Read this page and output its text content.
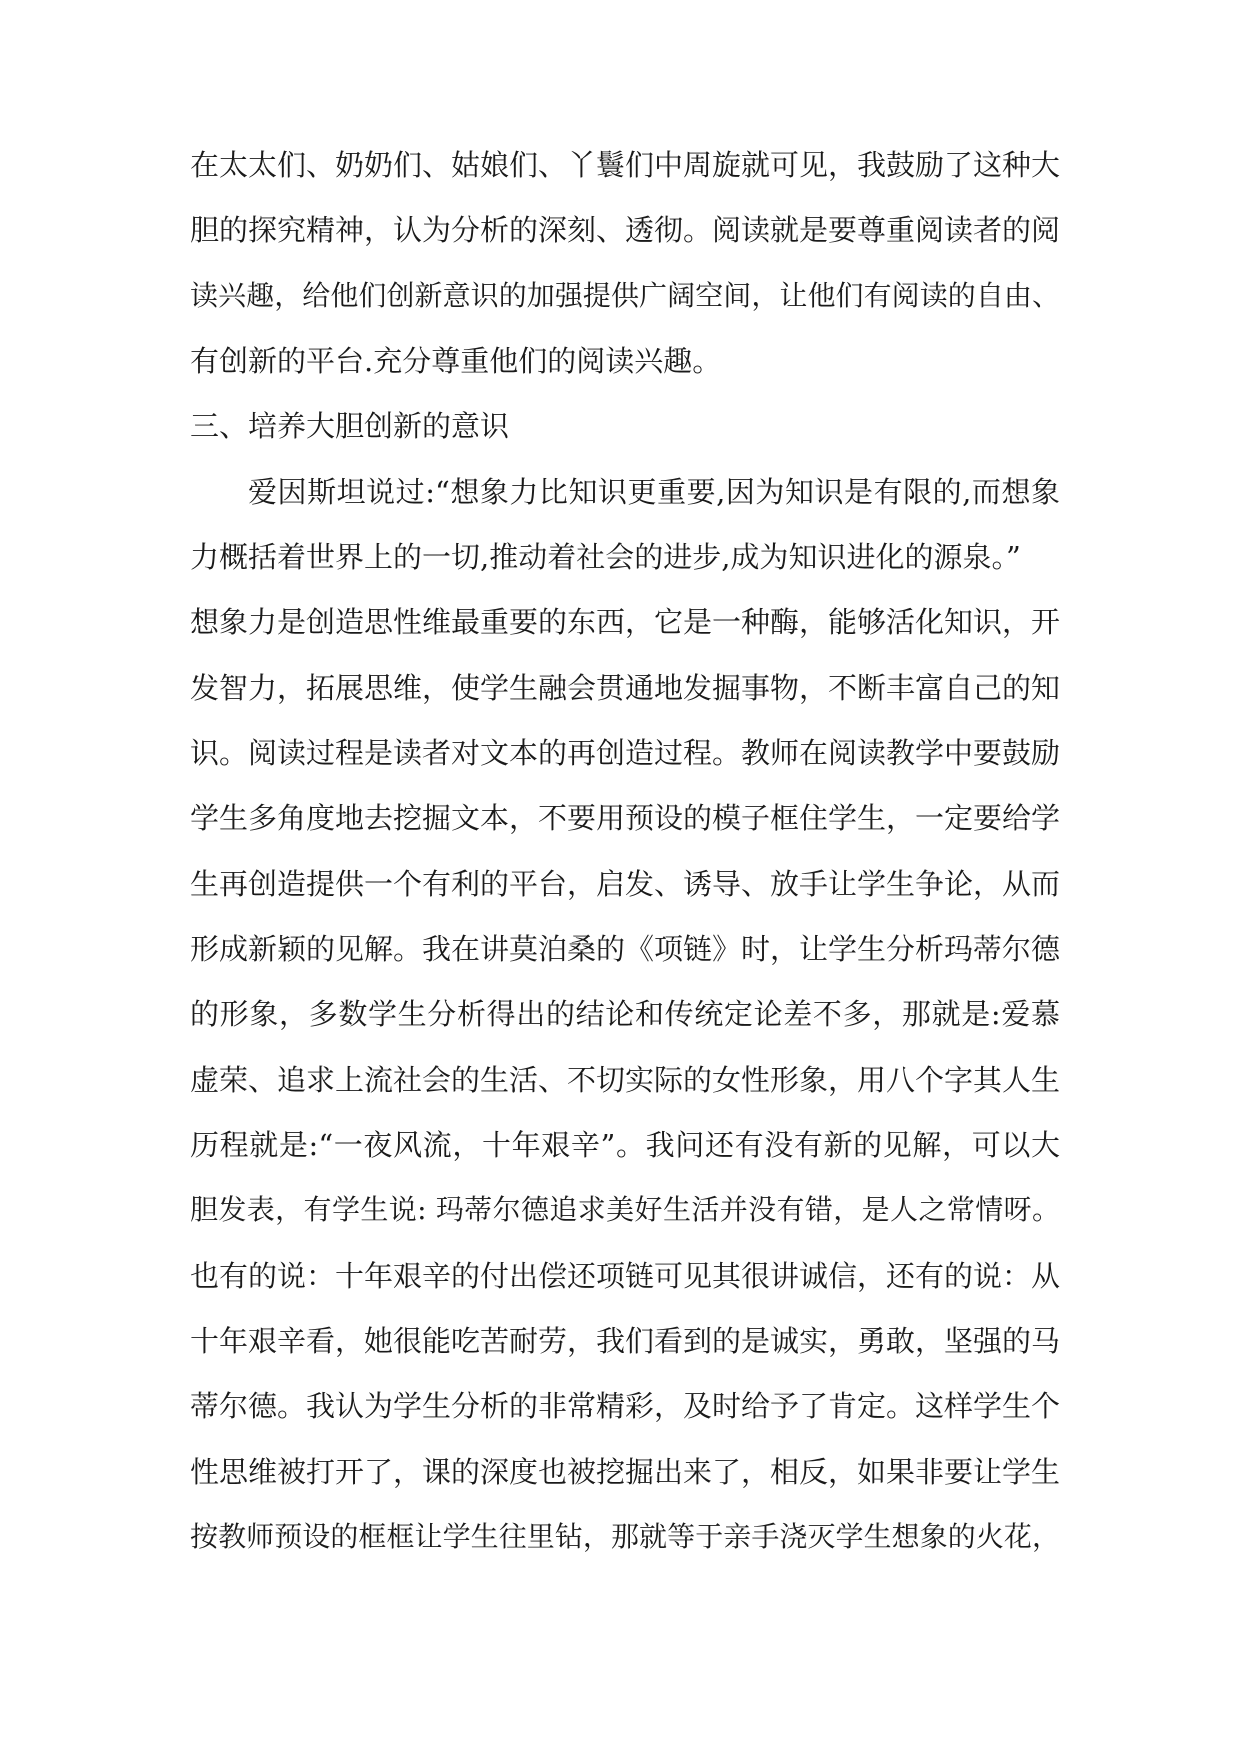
在太太们、奶奶们、姑娘们、丫鬟们中周旋就可见，我鼓励了这种大
胆的探究精神，认为分析的深刻、透彻。阅读就是要尊重阅读者的阅
读兴趣，给他们创新意识的加强提供广阔空间，让他们有阅读的自由、
有创新的平台.充分尊重他们的阅读兴趣。
三、培养大胆创新的意识
爱因斯坦说过:“想象力比知识更重要,因为知识是有限的,而想象
力概括着世界上的一切,推动着社会的进步,成为知识进化的源泉。”
想象力是创造思性维最重要的东西，它是一种酶，能够活化知识，开
发智力，拓展思维，使学生融会贯通地发掘事物，不断丰富自己的知
识。阅读过程是读者对文本的再创造过程。教师在阅读教学中要鼓励
学生多角度地去挖掘文本，不要用预设的模子框住学生，一定要给学
生再创造提供一个有利的平台，启发、诱导、放手让学生争论，从而
形成新颖的见解。我在讲莫泊桑的《项链》时，让学生分析玛蒂尔德
的形象，多数学生分析得出的结论和传统定论差不多，那就是:爱慕
虚荣、追求上流社会的生活、不切实际的女性形象，用八个字其人生
历程就是:“一夜风流，十年艰辛”。我问还有没有新的见解，可以大
胆发表，有学生说: 玛蒂尔德追求美好生活并没有错，是人之常情呀。
也有的说：十年艰辛的付出偿还项链可见其很讲诚信，还有的说：从
十年艰辛看，她很能吃苦耐劳，我们看到的是诚实，勇敢，坚强的马
蒂尔德。我认为学生分析的非常精彩，及时给予了肯定。这样学生个
性思维被打开了，课的深度也被挖掘出来了，相反，如果非要让学生
按教师预设的框框让学生往里钻，那就等于亲手浇灭学生想象的火花，
